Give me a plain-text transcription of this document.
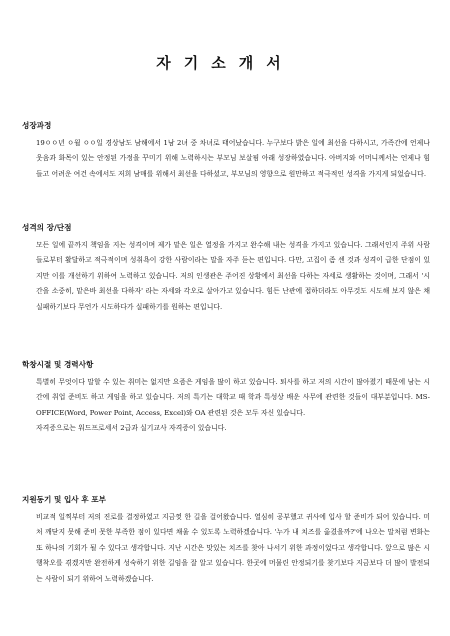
자기소개서
성장과정

19ㅇㅇ년 ㅇ월 ㅇㅇ일 경상남도 남해에서 1남 2녀 중 차녀로 태어났습니다. 누구보다 밝은 일에 최선을 다하시고, 가족간에 언제나 웃음과 화목이 있는 안정된 가정을 꾸미기 위해 노력하시는 부모님 보살핌 아래 성장하였습니다. 아버지와 어머니께서는 언제나 힘들고 어려운 여건 속에서도 저희 남매를 위해서 최선을 다하셨고, 부모님의 영향으로 원만하고 적극적인 성격을 가지게 되었습니다.

성격의 장/단점

모든 일에 끝까지 책임을 지는 성격이며 제가 맡은 일은 열정을 가지고 완수해 내는 성격을 가지고 있습니다. 그래서인지 주위 사람들로부터 활달하고 적극적이며 성취욕이 강한 사람이라는 말을 자주 듣는 편입니다. 다만, 고집이 좀 센 것과 성격이 급한 단점이 있지만 이를 개선하기 위하여 노력하고 있습니다. 저의 인생관은 주어진 상황에서 최선을 다하는 자세로 생활하는 것이며, 그래서 '시간을 소중히, 맡은바 최선을 다하자' 라는 자세와 각오로 살아가고 있습니다. 힘든 난관에 접하더라도 아무것도 시도해 보지 않은 채 실패하기보다 무언가 시도하다가 실패하기를 원하는 편입니다.

학창시절 및 경력사항

특별히 무엇이다 말할 수 있는 취미는 없지만 요즘은 게임을 많이 하고 있습니다. 퇴사를 하고 저의 시간이 많아졌기 때문에 남는 시간에 취업 준비도 하고 게임을 하고 있습니다. 저의 특기는 대학교 때 학과 특성상 배운 사무에 관련한 것들이 대부분입니다. MS-OFFICE(Word, Power Point, Access, Excel)와 OA 관련된 것은 모두 자신 있습니다.

자격증으로는 워드프로세서 2급과 실기교사 자격증이 있습니다.

지원동기 및 입사 후 포부

비교적 일찍부터 저의 진로를 결정하였고 지금껏 한 길을 걸어왔습니다. 열심히 공부했고 귀사에 입사 할 준비가 되어 있습니다. 미처 깨닫지 못해 준비 못한 부족한 점이 있다면 채울 수 있도록 노력하겠습니다. '누가 내 치즈를 옮겼을까?'에 나오는 말처럼 변화는 또 하나의 기회가 될 수 있다고 생각합니다. 지난 시간은 맛있는 치즈를 찾아 나서기 위한 과정이었다고 생각합니다. 앞으로 많은 시행착오를 겪겠지만 완전하게 성숙하기 위한 길임을 잘 알고 있습니다. 한곳에 머물린 안정되기를 찾기보다 지금보다 더 많이 발전되는 사람이 되기 위하여 노력하겠습니다.
